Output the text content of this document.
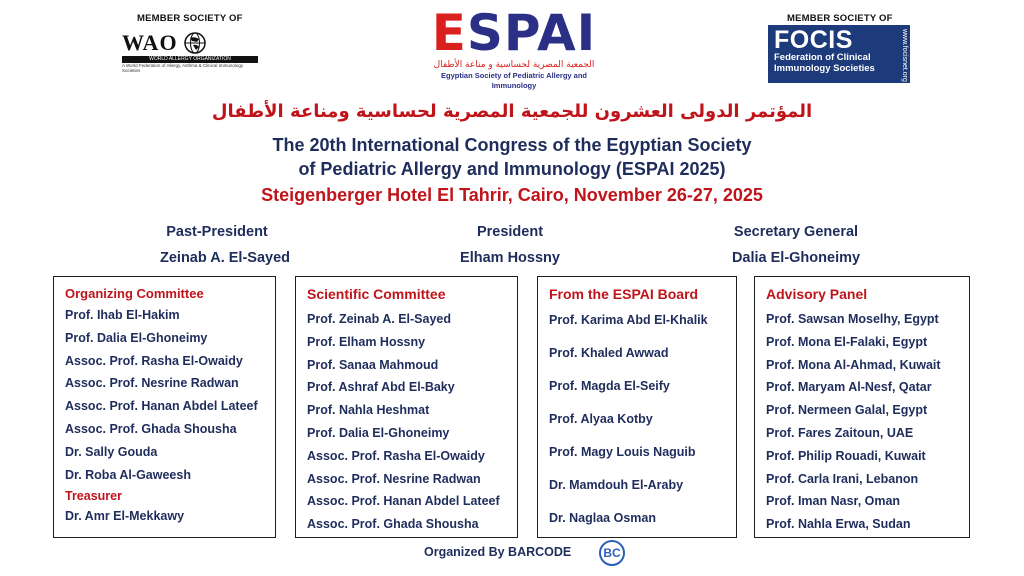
MEMBER SOCIETY OF
WAO
WORLD ALLERGY ORGANIZATION
A World Federation of Allergy, Asthma & Clinical Immunology Societies
ESPAI
الجمعية المصرية لحساسية و مناعة الأطفال
Egyptian Society of Pediatric Allergy and Immunology
MEMBER SOCIETY OF
FOCIS
Federation of Clinical
Immunology Societies	www.focisnet.org
المؤتمر الدولى العشرون للجمعية المصرية لحساسية ومناعة الأطفال
The 20th International Congress of the Egyptian Society
of Pediatric Allergy and Immunology (ESPAI 2025)
Steigenberger Hotel El Tahrir, Cairo, November 26-27, 2025
Past-President
Zeinab A. El-Sayed
President
Elham Hossny
Secretary General
Dalia El-Ghoneimy
Organizing Committee
Prof. Ihab El-Hakim
Prof. Dalia El-Ghoneimy
Assoc. Prof. Rasha El-Owaidy
Assoc. Prof. Nesrine Radwan
Assoc. Prof. Hanan Abdel Lateef
Assoc. Prof. Ghada Shousha
Dr. Sally Gouda
Dr. Roba Al-Gaweesh
Treasurer
Dr. Amr El-Mekkawy
Scientific Committee
Prof. Zeinab A. El-Sayed
Prof. Elham Hossny
Prof. Sanaa Mahmoud
Prof. Ashraf Abd El-Baky
Prof. Nahla Heshmat
Prof. Dalia El-Ghoneimy
Assoc. Prof. Rasha El-Owaidy
Assoc. Prof. Nesrine Radwan
Assoc. Prof. Hanan Abdel Lateef
Assoc. Prof. Ghada Shousha
From the ESPAI Board
Prof. Karima Abd El-Khalik
Prof. Khaled Awwad
Prof. Magda El-Seify
Prof. Alyaa Kotby
Prof. Magy Louis Naguib
Dr. Mamdouh El-Araby
Dr. Naglaa Osman
Advisory Panel
Prof. Sawsan Moselhy, Egypt
Prof. Mona El-Falaki, Egypt
Prof. Mona Al-Ahmad, Kuwait
Prof. Maryam Al-Nesf, Qatar
Prof. Nermeen Galal, Egypt
Prof. Fares Zaitoun, UAE
Prof. Philip Rouadi, Kuwait
Prof. Carla Irani, Lebanon
Prof. Iman Nasr, Oman
Prof. Nahla Erwa, Sudan
Organized By BARCODE	BC
